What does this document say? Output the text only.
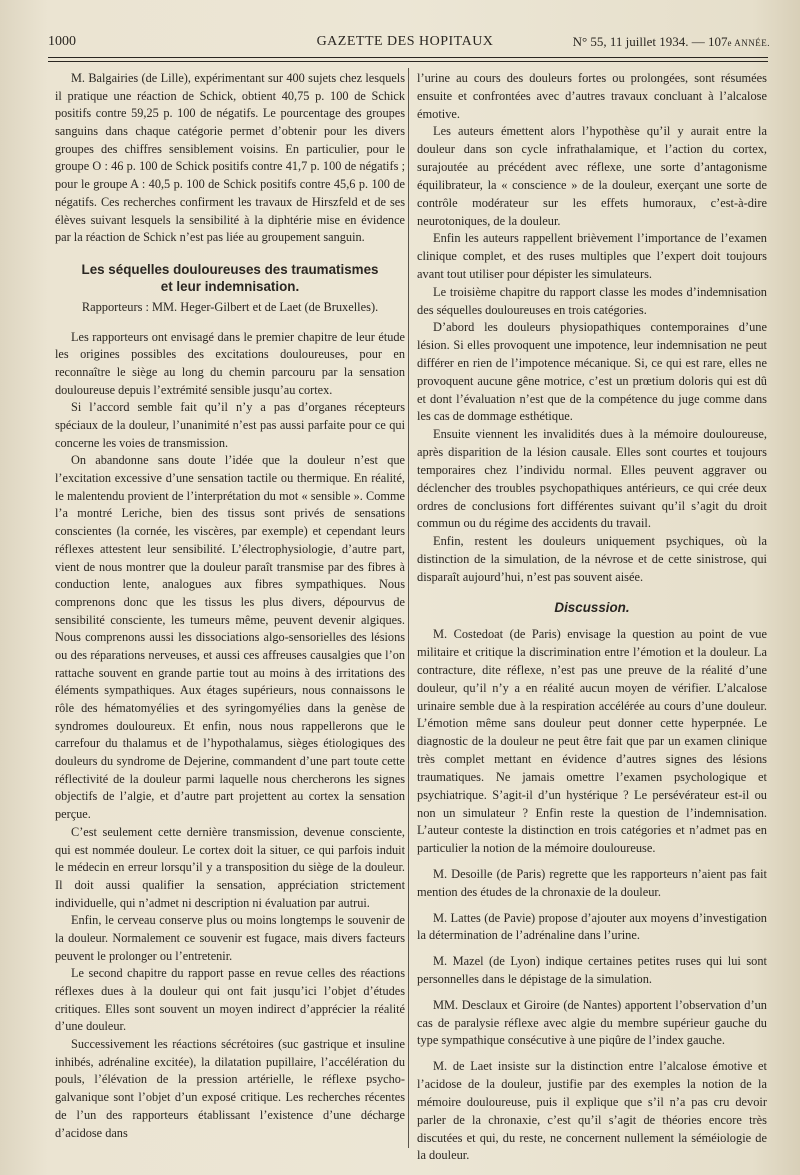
1000	GAZETTE DES HOPITAUX	N° 55, 11 juillet 1934. — 107e ANNÉE.

M. Balgairies (de Lille), expérimentant sur 400 sujets chez lesquels il pratique une réaction de Schick, obtient 40,75 p. 100 de Schick positifs contre 59,25 p. 100 de négatifs. Le pourcentage des groupes sanguins dans chaque catégorie permet d’obtenir pour les divers groupes des chiffres sensiblement voisins. En particulier, pour le groupe O : 46 p. 100 de Schick positifs contre 41,7 p. 100 de négatifs ; pour le groupe A : 40,5 p. 100 de Schick positifs contre 45,6 p. 100 de négatifs. Ces recherches confirment les travaux de Hirszfeld et de ses élèves suivant lesquels la sensibilité à la diphtérie mise en évidence par la réaction de Schick n’est pas liée au groupement sanguin.

Les séquelles douloureuses des traumatismes
et leur indemnisation.

Rapporteurs : MM. Heger-Gilbert et de Laet (de Bruxelles).

Les rapporteurs ont envisagé dans le premier chapitre de leur étude les origines possibles des excitations douloureuses, pour en reconnaître le siège au long du chemin parcouru par la sensation douloureuse depuis l’extrémité sensible jusqu’au cortex.

Si l’accord semble fait qu’il n’y a pas d’organes récepteurs spéciaux de la douleur, l’unanimité n’est pas aussi parfaite pour ce qui concerne les voies de transmission.

On abandonne sans doute l’idée que la douleur n’est que l’excitation excessive d’une sensation tactile ou thermique. En réalité, le malentendu provient de l’interprétation du mot « sensible ». Comme l’a montré Leriche, bien des tissus sont privés de sensations conscientes (la cornée, les viscères, par exemple) et cependant leurs réflexes attestent leur sensibilité. L’électrophysiologie, d’autre part, vient de nous montrer que la douleur paraît transmise par des fibres à conduction lente, analogues aux fibres sympathiques. Nous comprenons donc que les tissus les plus divers, dépourvus de sensibilité consciente, les tumeurs même, peuvent devenir algiques. Nous comprenons aussi les dissociations algo-sensorielles des lésions ou des réparations nerveuses, et aussi ces affreuses causalgies que l’on rattache souvent en grande partie tout au moins à des irritations des éléments sympathiques. Aux étages supérieurs, nous connaissons le rôle des hématomyélies et des syringomyélies dans la genèse de syndromes douloureux. Et enfin, nous nous rappellerons que le carrefour du thalamus et de l’hypothalamus, sièges étiologiques des douleurs du syndrome de Dejerine, commandent d’une part toute cette réflectivité de la douleur parmi laquelle nous chercherons les signes objectifs de l’algie, et d’autre part projettent au cortex la sensation perçue.

C’est seulement cette dernière transmission, devenue consciente, qui est nommée douleur. Le cortex doit la situer, ce qui parfois induit le médecin en erreur lorsqu’il y a transposition du siège de la douleur. Il doit aussi qualifier la sensation, appréciation strictement individuelle, qui n’admet ni description ni évaluation par autrui.

Enfin, le cerveau conserve plus ou moins longtemps le souvenir de la douleur. Normalement ce souvenir est fugace, mais divers facteurs peuvent le prolonger ou l’entretenir.

Le second chapitre du rapport passe en revue celles des réactions réflexes dues à la douleur qui ont fait jusqu’ici l’objet d’études critiques. Elles sont souvent un moyen indirect d’apprécier la réalité d’une douleur.

Successivement les réactions sécrétoires (suc gastrique et insuline inhibés, adrénaline excitée), la dilatation pupillaire, l’accélération du pouls, l’élévation de la pression artérielle, le réflexe psycho-galvanique sont l’objet d’un exposé critique. Les recherches récentes de l’un des rapporteurs établissant l’existence d’une décharge d’acidose dans

l’urine au cours des douleurs fortes ou prolongées, sont résumées ensuite et confrontées avec d’autres travaux concluant à l’alcalose émotive.

Les auteurs émettent alors l’hypothèse qu’il y aurait entre la douleur dans son cycle infrathalamique, et l’action du cortex, surajoutée au précédent avec réflexe, une sorte d’antagonisme équilibrateur, la « conscience » de la douleur, exerçant une sorte de contrôle modérateur sur les effets humoraux, c’est-à-dire neurotoniques, de la douleur.

Enfin les auteurs rappellent brièvement l’importance de l’examen clinique complet, et des ruses multiples que l’expert doit toujours avant tout utiliser pour dépister les simulateurs.

Le troisième chapitre du rapport classe les modes d’indemnisation des séquelles douloureuses en trois catégories.

D’abord les douleurs physiopathiques contemporaines d’une lésion. Si elles provoquent une impotence, leur indemnisation ne peut différer en rien de l’impotence mécanique. Si, ce qui est rare, elles ne provoquent aucune gêne motrice, c’est un prœtium doloris qui est dû et dont l’évaluation n’est que de la compétence du juge comme dans les cas de dommage esthétique.

Ensuite viennent les invalidités dues à la mémoire douloureuse, après disparition de la lésion causale. Elles sont courtes et toujours temporaires chez l’individu normal. Elles peuvent aggraver ou déclencher des troubles psychopathiques antérieurs, ce qui crée deux ordres de conclusions fort différentes suivant qu’il s’agit du droit commun ou du régime des accidents du travail.

Enfin, restent les douleurs uniquement psychiques, où la distinction de la simulation, de la névrose et de cette sinistrose, qui disparaît aujourd’hui, n’est pas souvent aisée.

Discussion.

M. Costedoat (de Paris) envisage la question au point de vue militaire et critique la discrimination entre l’émotion et la douleur. La contracture, dite réflexe, n’est pas une preuve de la réalité d’une douleur, qu’il n’y a en réalité aucun moyen de vérifier. L’alcalose urinaire semble due à la respiration accélérée au cours d’une douleur. L’émotion même sans douleur peut donner cette hyperpnée. Le diagnostic de la douleur ne peut être fait que par un examen clinique très complet mettant en évidence d’autres signes des lésions traumatiques. Ne jamais omettre l’examen psychologique et psychiatrique. S’agit-il d’un hystérique ? Le persévérateur est-il ou non un simulateur ? Enfin reste la question de l’indemnisation. L’auteur conteste la distinction en trois catégories et n’admet pas en particulier la notion de la mémoire douloureuse.

M. Desoille (de Paris) regrette que les rapporteurs n’aient pas fait mention des études de la chronaxie de la douleur.

M. Lattes (de Pavie) propose d’ajouter aux moyens d’investigation la détermination de l’adrénaline dans l’urine.

M. Mazel (de Lyon) indique certaines petites ruses qui lui sont personnelles dans le dépistage de la simulation.

MM. Desclaux et Giroire (de Nantes) apportent l’observation d’un cas de paralysie réflexe avec algie du membre supérieur gauche du type sympathique consécutive à une piqûre de l’index gauche.

M. de Laet insiste sur la distinction entre l’alcalose émotive et l’acidose de la douleur, justifie par des exemples la notion de la mémoire douloureuse, puis il explique que s’il n’a pas cru devoir parler de la chronaxie, c’est qu’il s’agit de théories encore très discutées et qui, du reste, ne concernent nullement la séméiologie de la douleur.
